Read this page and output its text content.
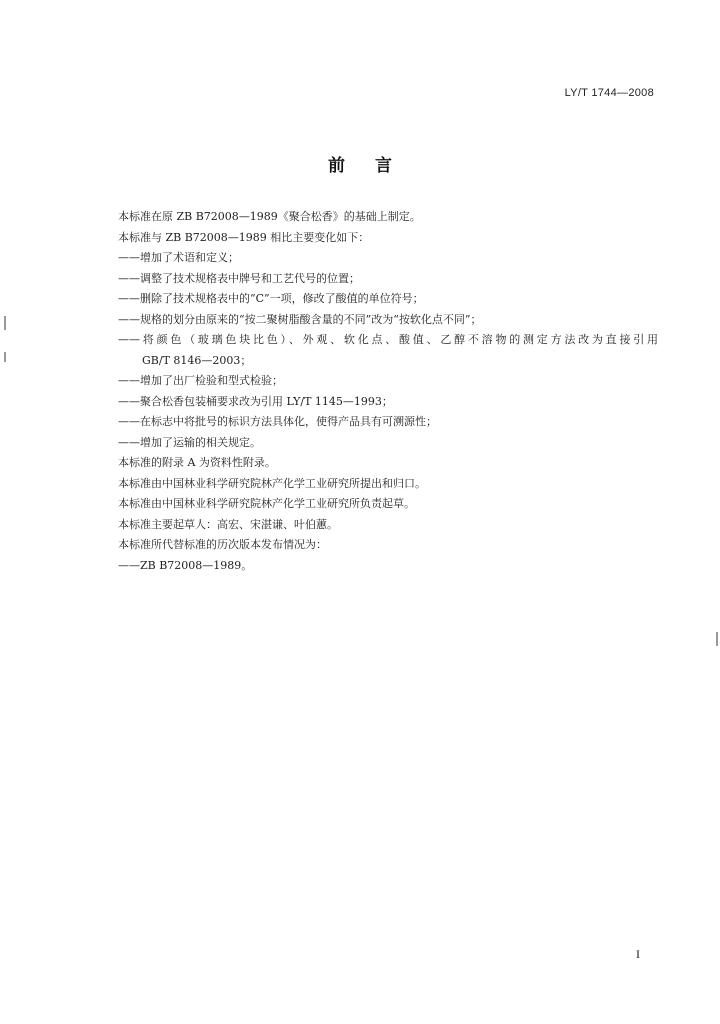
LY/T 1744—2008
前言

本标准在原 ZB B72008—1989《聚合松香》的基础上制定。

本标准与 ZB B72008—1989 相比主要变化如下：

——增加了术语和定义；

——调整了技术规格表中牌号和工艺代号的位置；

——删除了技术规格表中的“C”一项，修改了酸值的单位符号；

——规格的划分由原来的“按二聚树脂酸含量的不同”改为“按软化点不同”；

——将颜色（玻璃色块比色）、外观、软化点、酸值、乙醇不溶物的测定方法改为直接引用

GB/T 8146—2003；

——增加了出厂检验和型式检验；

——聚合松香包装桶要求改为引用 LY/T 1145—1993；

——在标志中将批号的标识方法具体化，使得产品具有可溯源性；

——增加了运输的相关规定。

本标准的附录 A 为资料性附录。

本标准由中国林业科学研究院林产化学工业研究所提出和归口。

本标准由中国林业科学研究院林产化学工业研究所负责起草。

本标准主要起草人：高宏、宋湛谦、叶伯蕙。

本标准所代替标准的历次版本发布情况为：

——ZB B72008—1989。

I
